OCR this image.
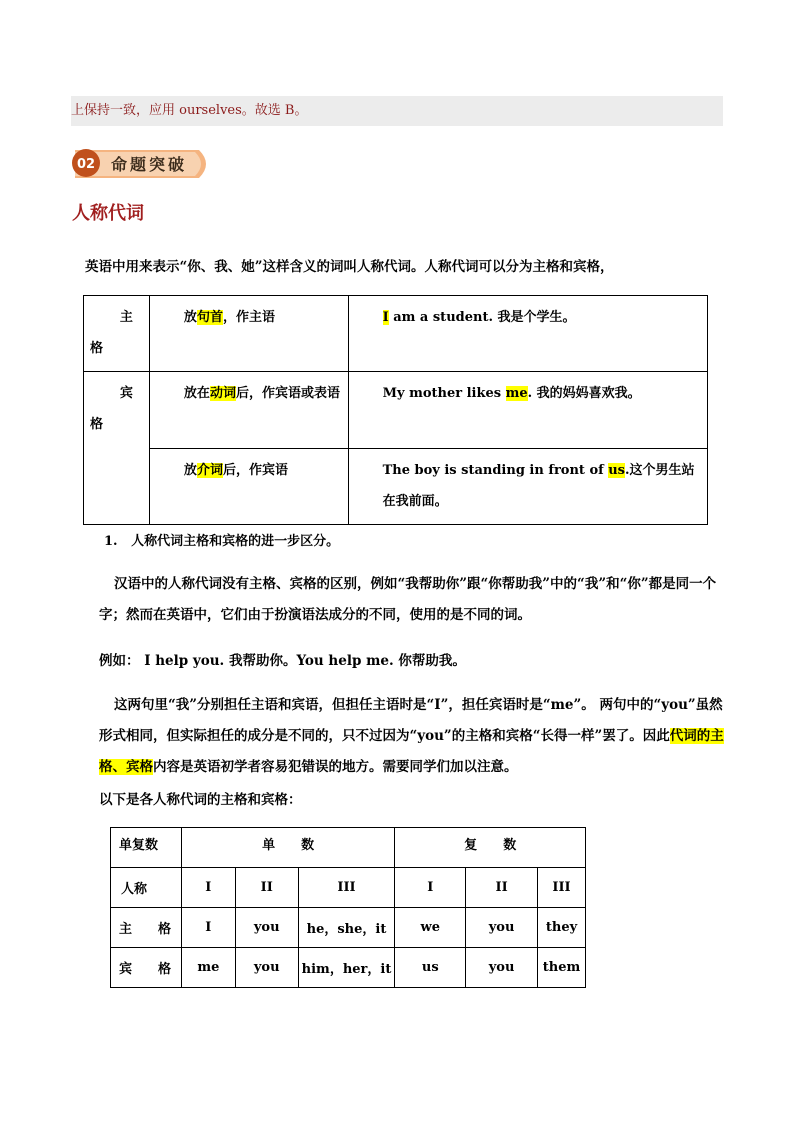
上保持一致，应用 ourselves。故选 B。
02 命题突破
人称代词
英语中用来表示“你、我、她”这样含义的词叫人称代词。人称代词可以分为主格和宾格，
主
格	放句首，作主语	I am a student. 我是个学生。

宾
格	放在动词后，作宾语或表语	My mother likes me. 我的妈妈喜欢我。
	放介词后，作宾语	The boy is standing in front of us.这个男生站在我前面。
1. 人称代词主格和宾格的进一步区分。
汉语中的人称代词没有主格、宾格的区别，例如“我帮助你”跟“你帮助我”中的“我”和“你”都是同一个字；然而在英语中，它们由于扮演语法成分的不同，使用的是不同的词。
例如： I help you. 我帮助你。You help me. 你帮助我。
这两句里“我”分别担任主语和宾语，但担任主语时是“I”，担任宾语时是“me”。 两句中的“you”虽然形式相同，但实际担任的成分是不同的，只不过因为“you”的主格和宾格“长得一样”罢了。因此代词的主格、宾格内容是英语初学者容易犯错误的地方。需要同学们加以注意。
以下是各人称代词的主格和宾格：
单复数	单　　数			复　　数		
人称	I	II	III	I	II	III
主　　格	I	you	he，she，it	we	you	they
宾　　格	me	you	him，her，it	us	you	them
